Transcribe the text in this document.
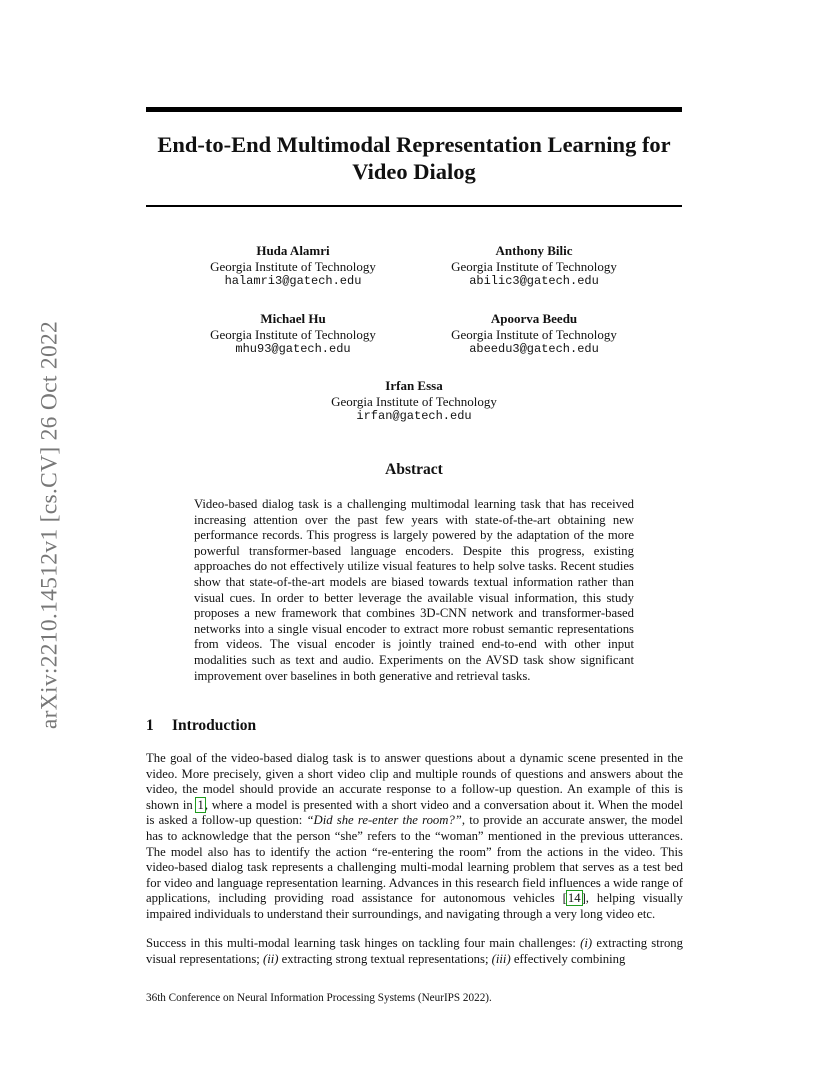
arXiv:2210.14512v1 [cs.CV] 26 Oct 2022
End-to-End Multimodal Representation Learning for
Video Dialog
Huda Alamri
Georgia Institute of Technology
halamri3@gatech.edu
Anthony Bilic
Georgia Institute of Technology
abilic3@gatech.edu
Michael Hu
Georgia Institute of Technology
mhu93@gatech.edu
Apoorva Beedu
Georgia Institute of Technology
abeedu3@gatech.edu
Irfan Essa
Georgia Institute of Technology
irfan@gatech.edu
Abstract
Video-based dialog task is a challenging multimodal learning task that has received increasing attention over the past few years with state-of-the-art obtaining new performance records. This progress is largely powered by the adaptation of the more powerful transformer-based language encoders. Despite this progress, existing approaches do not effectively utilize visual features to help solve tasks. Recent studies show that state-of-the-art models are biased towards textual information rather than visual cues. In order to better leverage the available visual information, this study proposes a new framework that combines 3D-CNN network and transformer-based networks into a single visual encoder to extract more robust semantic representations from videos. The visual encoder is jointly trained end-to-end with other input modalities such as text and audio. Experiments on the AVSD task show significant improvement over baselines in both generative and retrieval tasks.
1 Introduction

The goal of the video-based dialog task is to answer questions about a dynamic scene presented in the video. More precisely, given a short video clip and multiple rounds of questions and answers about the video, the model should provide an accurate response to a follow-up question. An example of this is shown in 1, where a model is presented with a short video and a conversation about it. When the model is asked a follow-up question: “Did she re-enter the room?”, to provide an accurate answer, the model has to acknowledge that the person “she” refers to the “woman” mentioned in the previous utterances. The model also has to identify the action “re-entering the room” from the actions in the video. This video-based dialog task represents a challenging multi-modal learning problem that serves as a test bed for video and language representation learning. Advances in this research field influences a wide range of applications, including providing road assistance for autonomous vehicles [14], helping visually impaired individuals to understand their surroundings, and navigating through a very long video etc.

Success in this multi-modal learning task hinges on tackling four main challenges: (i) extracting strong visual representations; (ii) extracting strong textual representations; (iii) effectively combining

36th Conference on Neural Information Processing Systems (NeurIPS 2022).
